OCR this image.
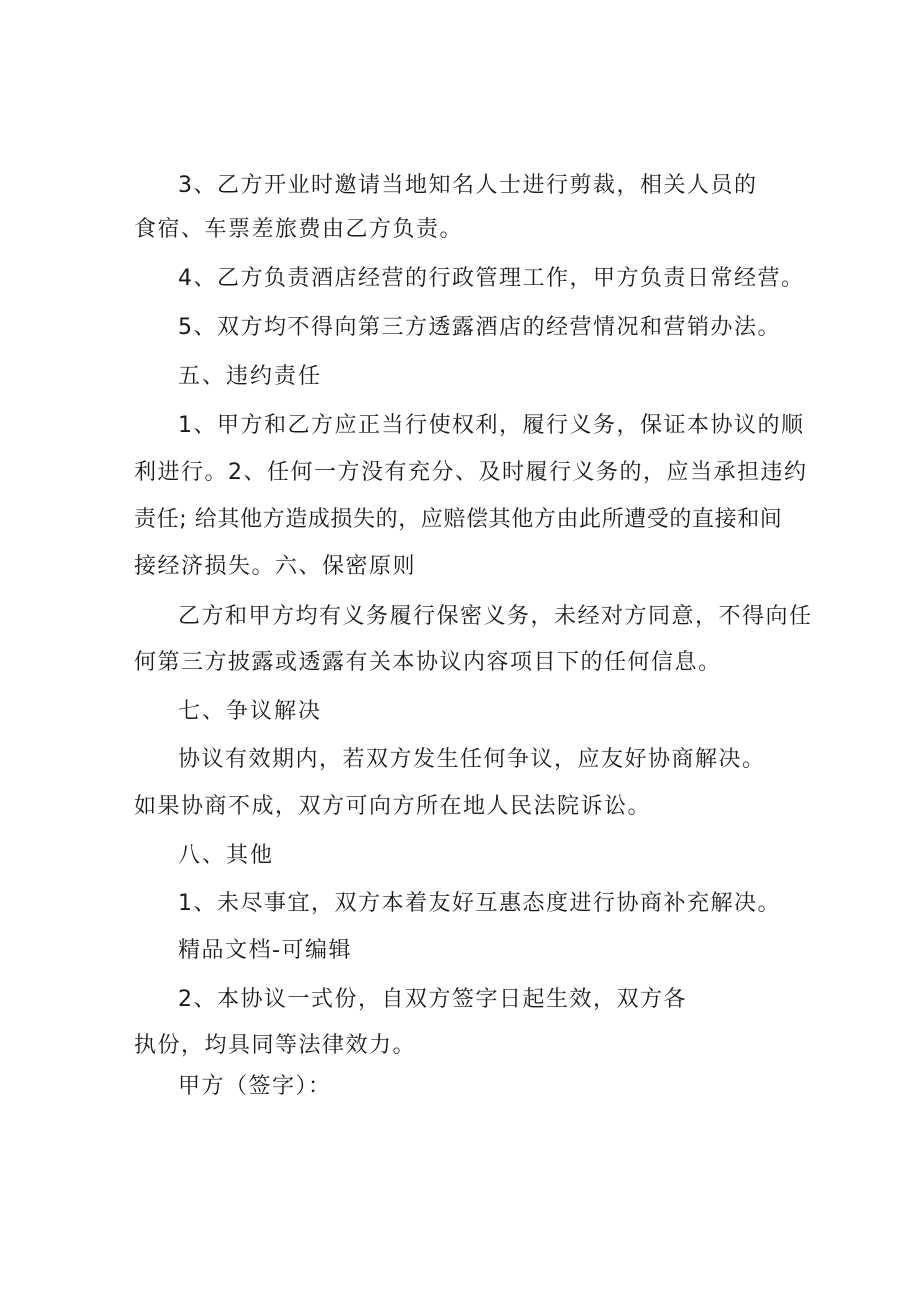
3、乙方开业时邀请当地知名人士进行剪裁，相关人员的
食宿、车票差旅费由乙方负责。
4、乙方负责酒店经营的行政管理工作，甲方负责日常经营。
5、双方均不得向第三方透露酒店的经营情况和营销办法。
五、违约责任
1、甲方和乙方应正当行使权利，履行义务，保证本协议的顺
利进行。2、任何一方没有充分、及时履行义务的，应当承担违约
责任; 给其他方造成损失的，应赔偿其他方由此所遭受的直接和间
接经济损失。六、保密原则
乙方和甲方均有义务履行保密义务，未经对方同意，不得向任
何第三方披露或透露有关本协议内容项目下的任何信息。
七、争议解决
协议有效期内，若双方发生任何争议，应友好协商解决。
如果协商不成，双方可向方所在地人民法院诉讼。
八、其他
1、未尽事宜，双方本着友好互惠态度进行协商补充解决。
精品文档-可编辑
2、本协议一式份，自双方签字日起生效，双方各
执份，均具同等法律效力。
甲方（签字）：
